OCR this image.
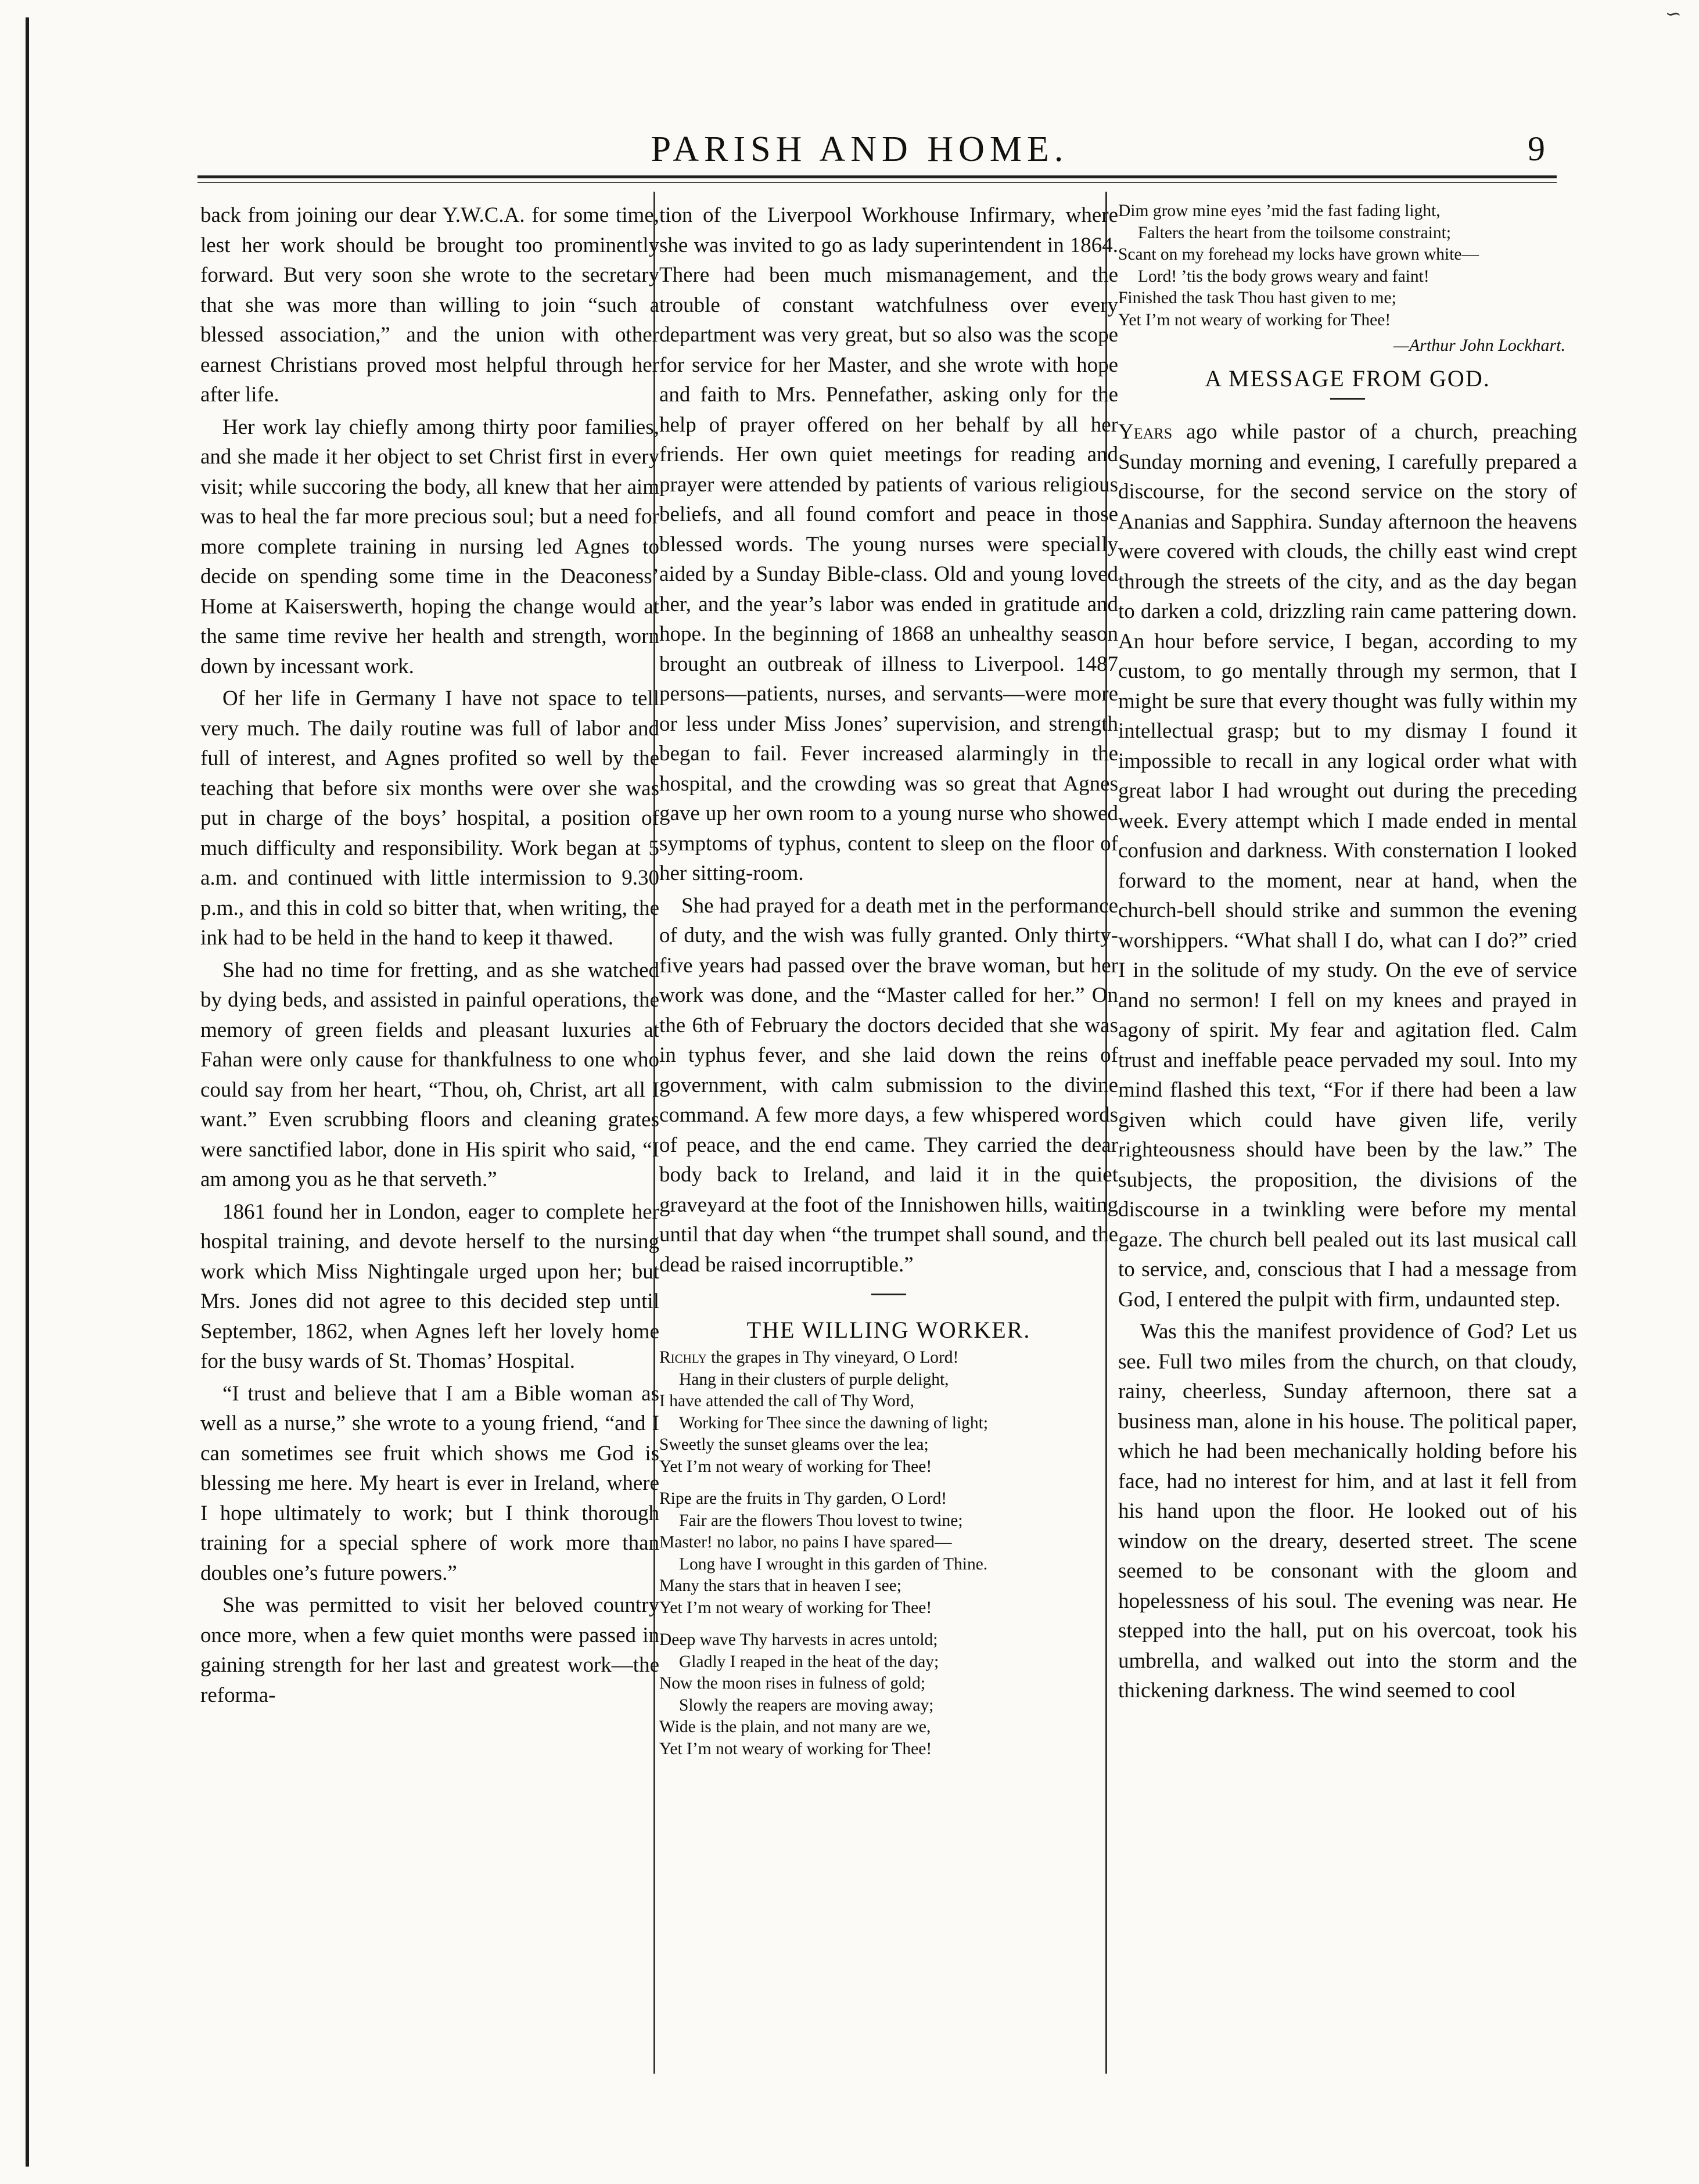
∽
PARISH AND HOME.	9

back from joining our dear Y.W.C.A. for some time, lest her work should be brought too prominently forward. But very soon she wrote to the secretary that she was more than willing to join “such a blessed association,” and the union with other earnest Christians proved most helpful through her after life.

Her work lay chiefly among thirty poor families, and she made it her object to set Christ first in every visit; while succoring the body, all knew that her aim was to heal the far more precious soul; but a need for more complete training in nursing led Agnes to decide on spending some time in the Deaconess’ Home at Kaiserswerth, hoping the change would at the same time revive her health and strength, worn down by incessant work.

Of her life in Germany I have not space to tell very much. The daily routine was full of labor and full of interest, and Agnes profited so well by the teaching that before six months were over she was put in charge of the boys’ hospital, a position of much difficulty and responsibility. Work began at 5 a.m. and continued with little intermission to 9.30 p.m., and this in cold so bitter that, when writing, the ink had to be held in the hand to keep it thawed.

She had no time for fretting, and as she watched by dying beds, and assisted in painful operations, the memory of green fields and pleasant luxuries at Fahan were only cause for thankfulness to one who could say from her heart, “Thou, oh, Christ, art all I want.” Even scrubbing floors and cleaning grates were sanctified labor, done in His spirit who said, “I am among you as he that serveth.”

1861 found her in London, eager to complete her hospital training, and devote herself to the nursing work which Miss Nightingale urged upon her; but Mrs. Jones did not agree to this decided step until September, 1862, when Agnes left her lovely home for the busy wards of St. Thomas’ Hospital.

“I trust and believe that I am a Bible woman as well as a nurse,” she wrote to a young friend, “and I can sometimes see fruit which shows me God is blessing me here. My heart is ever in Ireland, where I hope ultimately to work; but I think thorough training for a special sphere of work more than doubles one’s future powers.”

She was permitted to visit her beloved country once more, when a few quiet months were passed in gaining strength for her last and greatest work—the reforma-

tion of the Liverpool Workhouse Infirmary, where she was invited to go as lady superintendent in 1864. There had been much mismanagement, and the trouble of constant watchfulness over every department was very great, but so also was the scope for service for her Master, and she wrote with hope and faith to Mrs. Pennefather, asking only for the help of prayer offered on her behalf by all her friends. Her own quiet meetings for reading and prayer were attended by patients of various religious beliefs, and all found comfort and peace in those blessed words. The young nurses were specially aided by a Sunday Bible-class. Old and young loved her, and the year’s labor was ended in gratitude and hope. In the beginning of 1868 an unhealthy season brought an outbreak of illness to Liverpool. 1487 persons—patients, nurses, and servants—were more or less under Miss Jones’ supervision, and strength began to fail. Fever increased alarmingly in the hospital, and the crowding was so great that Agnes gave up her own room to a young nurse who showed symptoms of typhus, content to sleep on the floor of her sitting-room.

She had prayed for a death met in the performance of duty, and the wish was fully granted. Only thirty-five years had passed over the brave woman, but her work was done, and the “Master called for her.” On the 6th of February the doctors decided that she was in typhus fever, and she laid down the reins of government, with calm submission to the divine command. A few more days, a few whispered words of peace, and the end came. They carried the dear body back to Ireland, and laid it in the quiet graveyard at the foot of the Innishowen hills, waiting until that day when “the trumpet shall sound, and the dead be raised incorruptible.”

THE WILLING WORKER.
Richly the grapes in Thy vineyard, O Lord!
Hang in their clusters of purple delight,
I have attended the call of Thy Word,
Working for Thee since the dawning of light;
Sweetly the sunset gleams over the lea;
Yet I’m not weary of working for Thee!
Ripe are the fruits in Thy garden, O Lord!
Fair are the flowers Thou lovest to twine;
Master! no labor, no pains I have spared—
Long have I wrought in this garden of Thine.
Many the stars that in heaven I see;
Yet I’m not weary of working for Thee!
Deep wave Thy harvests in acres untold;
Gladly I reaped in the heat of the day;
Now the moon rises in fulness of gold;
Slowly the reapers are moving away;
Wide is the plain, and not many are we,
Yet I’m not weary of working for Thee!
Dim grow mine eyes ’mid the fast fading light,
Falters the heart from the toilsome constraint;
Scant on my forehead my locks have grown white—
Lord! ’tis the body grows weary and faint!
Finished the task Thou hast given to me;
Yet I’m not weary of working for Thee!
—Arthur John Lockhart.
A MESSAGE FROM GOD.

Years ago while pastor of a church, preaching Sunday morning and evening, I carefully prepared a discourse, for the second service on the story of Ananias and Sapphira. Sunday afternoon the heavens were covered with clouds, the chilly east wind crept through the streets of the city, and as the day began to darken a cold, drizzling rain came pattering down. An hour before service, I began, according to my custom, to go mentally through my sermon, that I might be sure that every thought was fully within my intellectual grasp; but to my dismay I found it impossible to recall in any logical order what with great labor I had wrought out during the preceding week. Every attempt which I made ended in mental confusion and darkness. With consternation I looked forward to the moment, near at hand, when the church-bell should strike and summon the evening worshippers. “What shall I do, what can I do?” cried I in the solitude of my study. On the eve of service and no sermon! I fell on my knees and prayed in agony of spirit. My fear and agitation fled. Calm trust and ineffable peace pervaded my soul. Into my mind flashed this text, “For if there had been a law given which could have given life, verily righteousness should have been by the law.” The subjects, the proposition, the divisions of the discourse in a twinkling were before my mental gaze. The church bell pealed out its last musical call to service, and, conscious that I had a message from God, I entered the pulpit with firm, undaunted step.

Was this the manifest providence of God? Let us see. Full two miles from the church, on that cloudy, rainy, cheerless, Sunday afternoon, there sat a business man, alone in his house. The political paper, which he had been mechanically holding before his face, had no interest for him, and at last it fell from his hand upon the floor. He looked out of his window on the dreary, deserted street. The scene seemed to be consonant with the gloom and hopelessness of his soul. The evening was near. He stepped into the hall, put on his overcoat, took his umbrella, and walked out into the storm and the thickening darkness. The wind seemed to cool
